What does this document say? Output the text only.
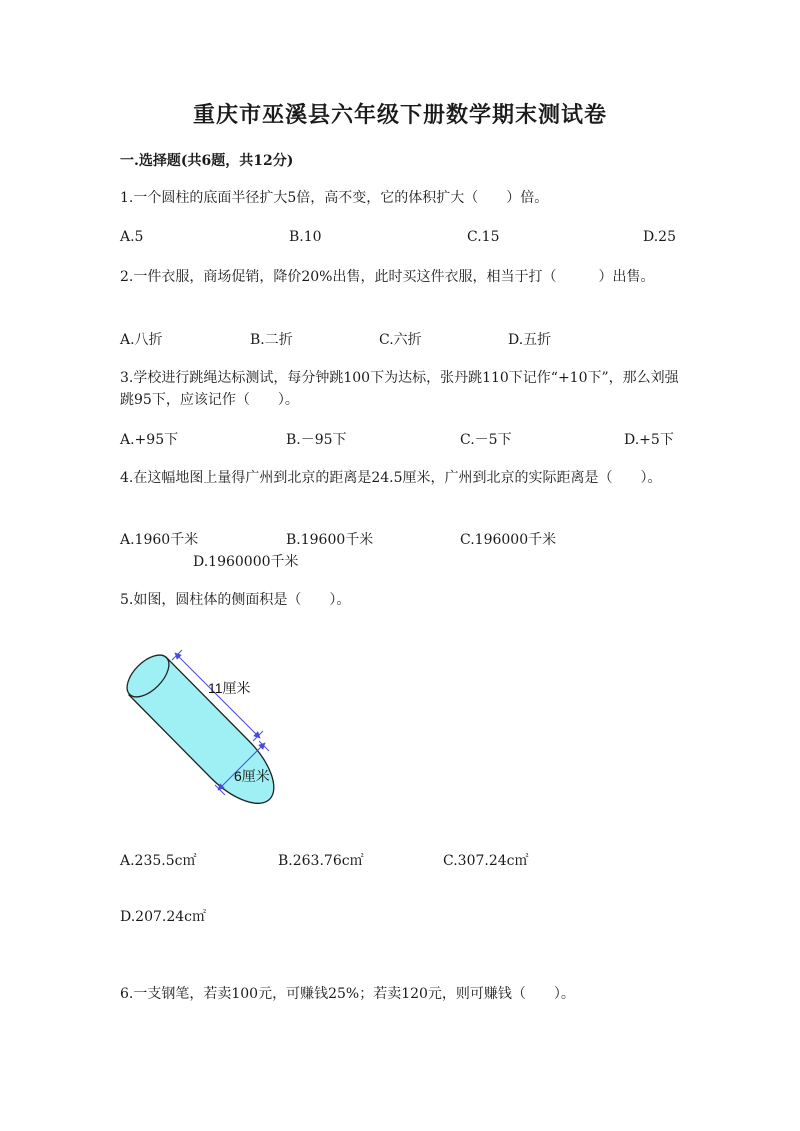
重庆市巫溪县六年级下册数学期末测试卷
一.选择题(共6题，共12分)
1.一个圆柱的底面半径扩大5倍，高不变，它的体积扩大（　　）倍。
A.5	B.10	C.15	D.25
2.一件衣服，商场促销，降价20%出售，此时买这件衣服，相当于打（　　　）出售。
A.八折	B.二折	C.六折	D.五折
3.学校进行跳绳达标测试，每分钟跳100下为达标，张丹跳110下记作“+10下”，那么刘强跳95下，应该记作（　　）。
A.+95下	B.－95下	C.－5下	D.+5下
4.在这幅地图上量得广州到北京的距离是24.5厘米，广州到北京的实际距离是（　　）。
A.1960千米	B.19600千米	C.196000千米
D.1960000千米
5.如图，圆柱体的侧面积是（　　）。
11厘米
6厘米
A.235.5c㎡	B.263.76c㎡	C.307.24c㎡
D.207.24c㎡
6.一支钢笔，若卖100元，可赚钱25%；若卖120元，则可赚钱（　　）。
